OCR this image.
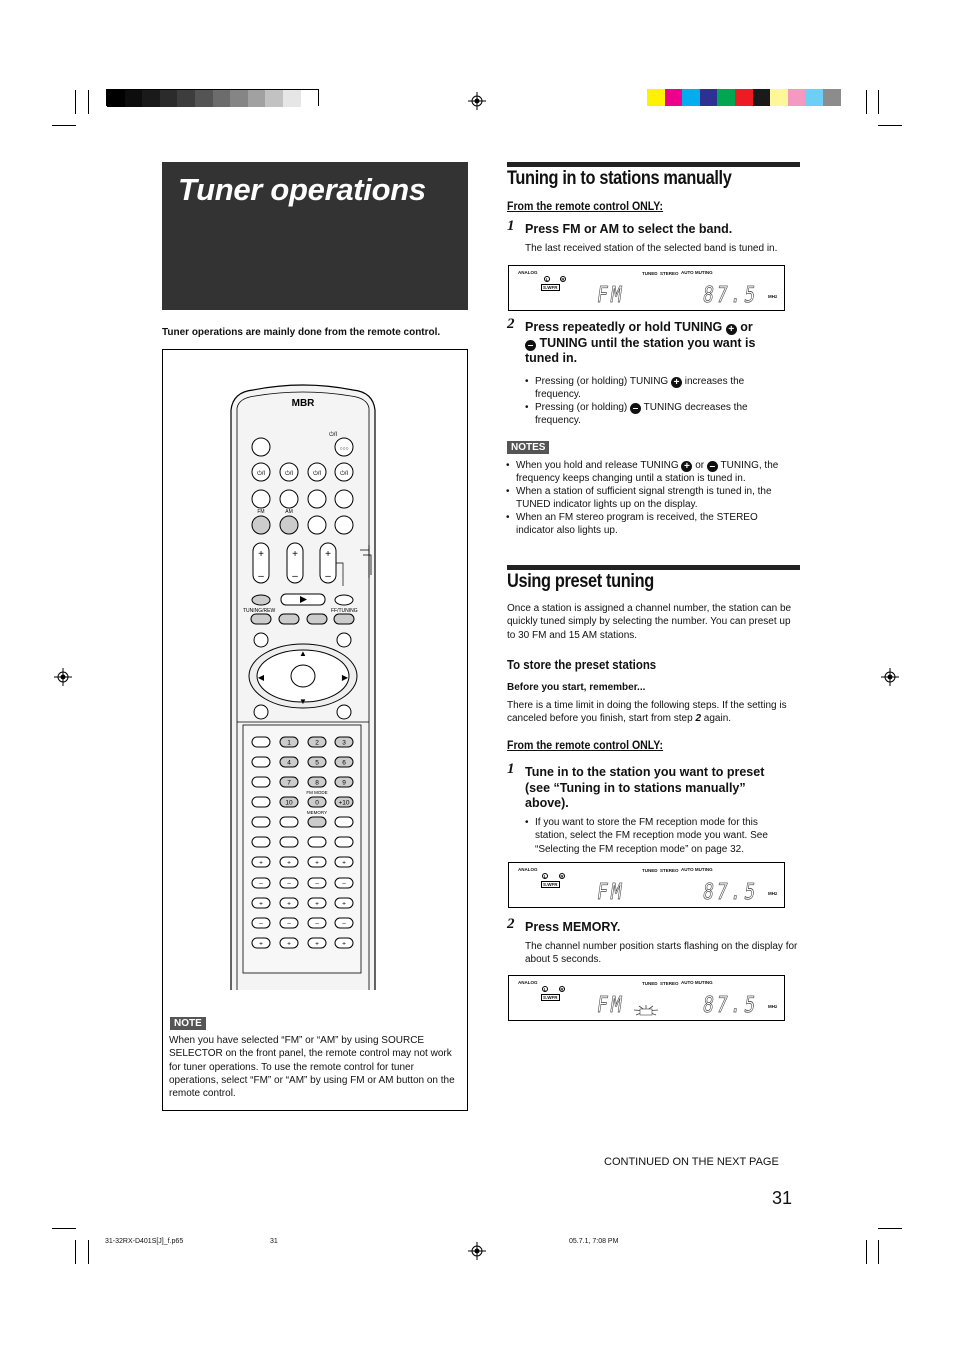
Tuner operations
Tuner operations are mainly done from the remote control.
MBR
⏻/I
○○○
⏻/I	⏻/I	⏻/I	⏻/I
FM	AM
+
–
+
–
+
–
TUNING/REW	FF/TUNING
▲
▼
◀	▶
1	2	3
4	5	6
7	8	9
10	0	+10
+	+	+	+
–	–	–	–
+	+	+	+
–	–	–	–
+	+	+	+
FM MODE
MEMORY
NOTE
When you have selected “FM” or “AM” by using SOURCE SELECTOR on the front panel, the remote control may not work for tuner operations. To use the remote control for tuner operations, select “FM” or “AM” by using FM or AM button on the remote control.
Tuning in to stations manually
From the remote control ONLY:
1 Press FM or AM to select the band.
The last received station of the selected band is tuned in.
ANALOG
L	R
S.WFR
TUNED STEREO AUTO MUTING
FM	87.5 MHz
2 Press repeatedly or hold TUNING + or
– TUNING until the station you want is tuned in.
• Pressing (or holding) TUNING + increases the frequency.
• Pressing (or holding) – TUNING decreases the frequency.
NOTES
• When you hold and release TUNING + or – TUNING, the frequency keeps changing until a station is tuned in.
• When a station of sufficient signal strength is tuned in, the TUNED indicator lights up on the display.
• When an FM stereo program is received, the STEREO indicator also lights up.
Using preset tuning
Once a station is assigned a channel number, the station can be quickly tuned simply by selecting the number. You can preset up to 30 FM and 15 AM stations.
To store the preset stations
Before you start, remember...
There is a time limit in doing the following steps. If the setting is canceled before you finish, start from step 2 again.
From the remote control ONLY:
1 Tune in to the station you want to preset (see “Tuning in to stations manually” above).
• If you want to store the FM reception mode for this station, select the FM reception mode you want. See “Selecting the FM reception mode” on page 32.
ANALOG
L	R
S.WFR
TUNED STEREO AUTO MUTING
FM	87.5 MHz
2 Press MEMORY.
The channel number position starts flashing on the display for about 5 seconds.
ANALOG
L	R
S.WFR
TUNED STEREO AUTO MUTING
FM	87.5 MHz
CONTINUED ON THE NEXT PAGE
31
31-32RX-D401S[J]_f.p65	31	05.7.1, 7:08 PM
